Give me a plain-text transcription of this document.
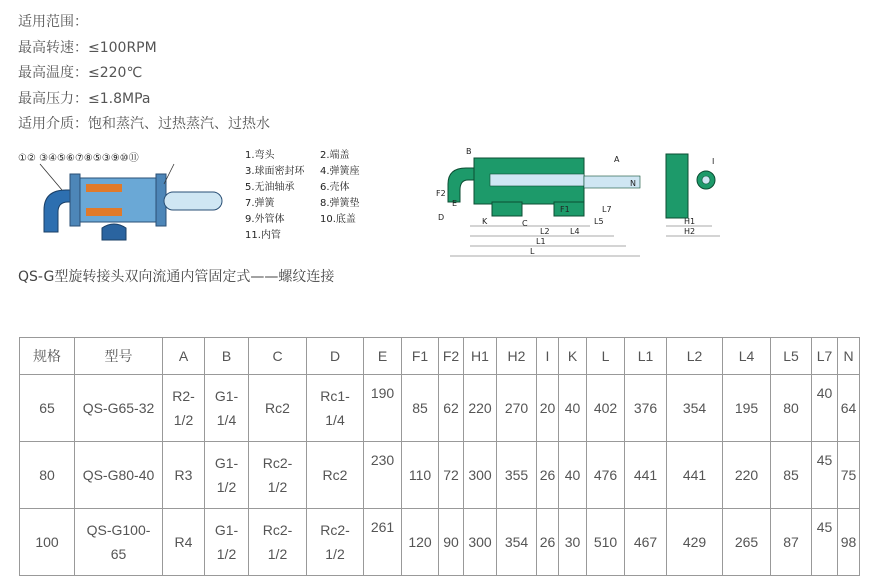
适用范围：
最高转速：≤100RPM
最高温度：≤220℃
最高压力：≤1.8MPa
适用介质：饱和蒸汽、过热蒸汽、过热水
①② ③④⑤⑥⑦⑧⑤③⑨⑩⑪	1.弯头	2.端盖
3.球面密封环	4.弹簧座
5.无油轴承	6.壳体
7.弹簧	8.弹簧垫
9.外管体	10.底盖
11.内管
B
A
N
F2
F1
E
D	K	C
L7
L5
L4
L2
L1
L
H1
H2
I
QS-G型旋转接头双向流通内管固定式——螺纹连接
规格	型号	A	B	C	D	E	F1	F2	H1	H2	I	K	L	L1	L2	L4	L5	L7	N
65	QS-G65-32	R2-
1/2	G1-
1/4	Rc2	Rc1-
1/4	190	85	62	220	270	20	40	402	376	354	195	80	40	64
80	QS-G80-40	R3	G1-
1/2	Rc2-
1/2	Rc2	230	110	72	300	355	26	40	476	441	441	220	85	45	75
100	QS-G100-
65	R4	G1-
1/2	Rc2-
1/2	Rc2-
1/2	261	120	90	300	354	26	30	510	467	429	265	87	45	98
